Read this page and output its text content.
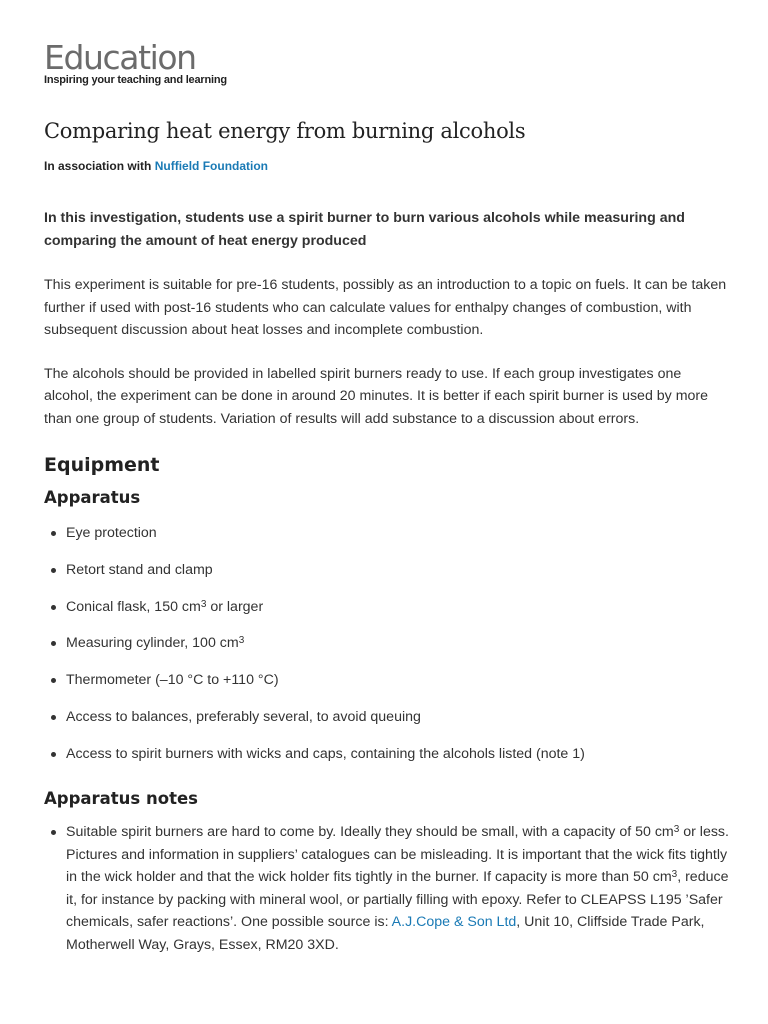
Education
Inspiring your teaching and learning
Comparing heat energy from burning alcohols
In association with Nuffield Foundation

In this investigation, students use a spirit burner to burn various alcohols while measuring and comparing the amount of heat energy produced

This experiment is suitable for pre-16 students, possibly as an introduction to a topic on fuels. It can be taken further if used with post-16 students who can calculate values for enthalpy changes of combustion, with subsequent discussion about heat losses and incomplete combustion.

The alcohols should be provided in labelled spirit burners ready to use. If each group investigates one alcohol, the experiment can be done in around 20 minutes. It is better if each spirit burner is used by more than one group of students. Variation of results will add substance to a discussion about errors.

Equipment
Apparatus
Eye protection
Retort stand and clamp
Conical flask, 150 $cm^3$ or larger
Measuring cylinder, 100 $cm^3$
Thermometer (–10 °C to +110 °C)
Access to balances, preferably several, to avoid queuing
Access to spirit burners with wicks and caps, containing the alcohols listed (note 1)
Apparatus notes
Suitable spirit burners are hard to come by. Ideally they should be small, with a capacity of 50 $cm^3$ or less. Pictures and information in suppliers’ catalogues can be misleading. It is important that the wick fits tightly in the wick holder and that the wick holder fits tightly in the burner. If capacity is more than 50 $cm^3$, reduce it, for instance by packing with mineral wool, or partially filling with epoxy. Refer to CLEAPSS L195 ’Safer chemicals, safer reactions’. One possible source is: A.J.Cope & Son Ltd, Unit 10, Cliffside Trade Park, Motherwell Way, Grays, Essex, RM20 3XD.
